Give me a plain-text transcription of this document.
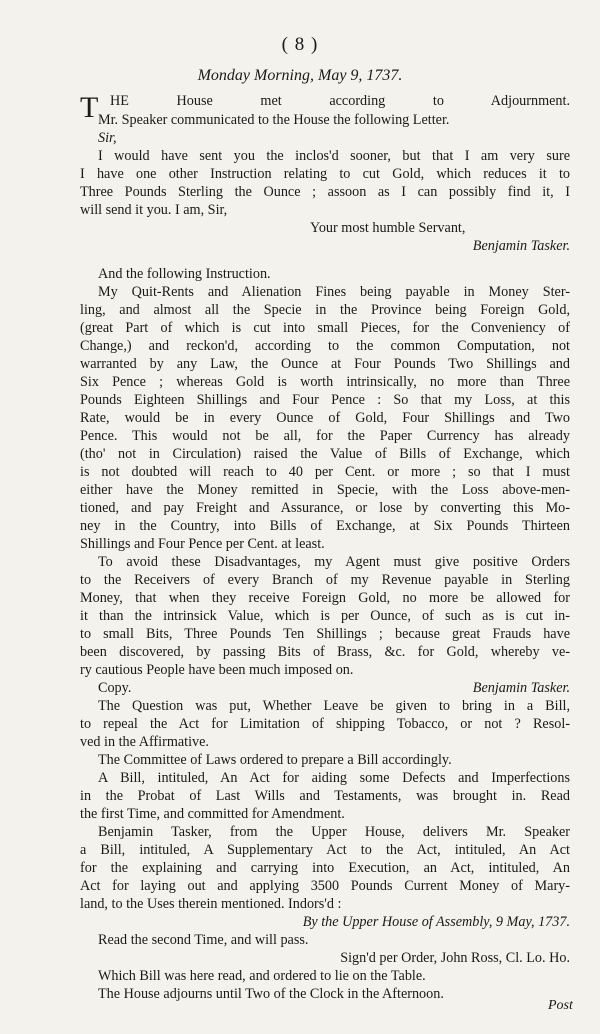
( 8 )
Monday Morning, May 9, 1737.
T HE House met according to Adjournment.
Mr. Speaker communicated to the House the following Letter.
Sir,
I would have sent you the inclos'd sooner, but that I am very sure
I have one other Instruction relating to cut Gold, which reduces it to
Three Pounds Sterling the Ounce ; assoon as I can possibly find it, I
will send it you. I am, Sir,
Your most humble Servant,
Benjamin Tasker.
And the following Instruction.
My Quit-Rents and Alienation Fines being payable in Money Ster-
ling, and almost all the Specie in the Province being Foreign Gold,
(great Part of which is cut into small Pieces, for the Conveniency of
Change,) and reckon'd, according to the common Computation, not
warranted by any Law, the Ounce at Four Pounds Two Shillings and
Six Pence ; whereas Gold is worth intrinsically, no more than Three
Pounds Eighteen Shillings and Four Pence : So that my Loss, at this
Rate, would be in every Ounce of Gold, Four Shillings and Two
Pence. This would not be all, for the Paper Currency has already
(tho' not in Circulation) raised the Value of Bills of Exchange, which
is not doubted will reach to 40 per Cent. or more ; so that I must
either have the Money remitted in Specie, with the Loss above-men-
tioned, and pay Freight and Assurance, or lose by converting this Mo-
ney in the Country, into Bills of Exchange, at Six Pounds Thirteen
Shillings and Four Pence per Cent. at least.
To avoid these Disadvantages, my Agent must give positive Orders
to the Receivers of every Branch of my Revenue payable in Sterling
Money, that when they receive Foreign Gold, no more be allowed for
it than the intrinsick Value, which is per Ounce, of such as is cut in-
to small Bits, Three Pounds Ten Shillings ; because great Frauds have
been discovered, by passing Bits of Brass, &c. for Gold, whereby ve-
ry cautious People have been much imposed on.
Copy.	Benjamin Tasker.
The Question was put, Whether Leave be given to bring in a Bill,
to repeal the Act for Limitation of shipping Tobacco, or not ? Resol-
ved in the Affirmative.
The Committee of Laws ordered to prepare a Bill accordingly.
A Bill, intituled, An Act for aiding some Defects and Imperfections
in the Probat of Last Wills and Testaments, was brought in. Read
the first Time, and committed for Amendment.
Benjamin Tasker, from the Upper House, delivers Mr. Speaker
a Bill, intituled, A Supplementary Act to the Act, intituled, An Act
for the explaining and carrying into Execution, an Act, intituled, An
Act for laying out and applying 3500 Pounds Current Money of Mary-
land, to the Uses therein mentioned. Indors'd :
By the Upper House of Assembly, 9 May, 1737.
Read the second Time, and will pass.
Sign'd per Order, John Ross, Cl. Lo. Ho.
Which Bill was here read, and ordered to lie on the Table.
The House adjourns until Two of the Clock in the Afternoon.
Post
